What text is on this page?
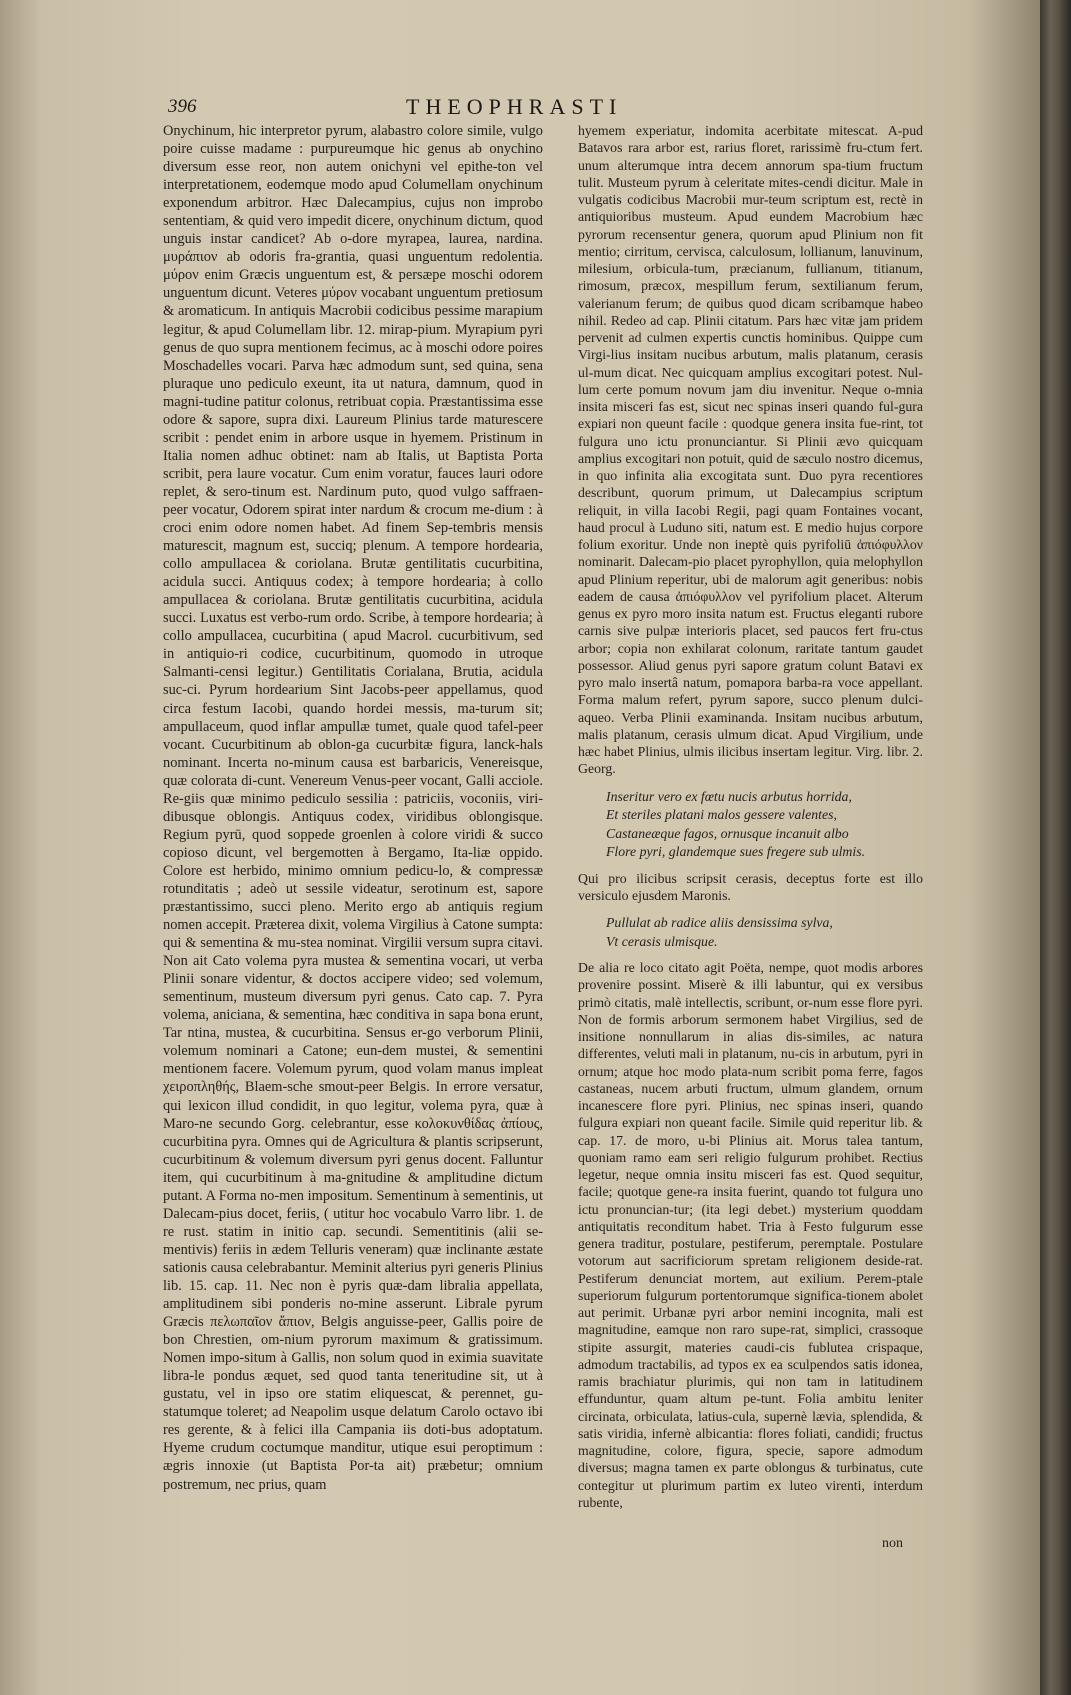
396	THEOPHRASTI

Onychinum, hic interpretor pyrum, alabastro colore simile, vulgo poire cuisse madame : purpureumque hic genus ab onychino diversum esse reor, non autem onichyni vel epithe-ton vel interpretationem, eodemque modo apud Columellam onychinum exponendum arbitror. Hæc Dalecampius, cujus non improbo sententiam, & quid vero impedit dicere, onychinum dictum, quod unguis instar candicet? Ab o-dore myrapea, laurea, nardina. μυράπιον ab odoris fra-grantia, quasi unguentum redolentia. μύρον enim Græcis unguentum est, & persæpe moschi odorem unguentum dicunt. Veteres μύρον vocabant unguentum pretiosum & aromaticum. In antiquis Macrobii codicibus pessime marapium legitur, & apud Columellam libr. 12. mirap-pium. Myrapium pyri genus de quo supra mentionem fecimus, ac à moschi odore poires Moschadelles vocari. Parva hæc admodum sunt, sed quina, sena pluraque uno pediculo exeunt, ita ut natura, damnum, quod in magni-tudine patitur colonus, retribuat copia. Præstantissima esse odore & sapore, supra dixi. Laureum Plinius tarde maturescere scribit : pendet enim in arbore usque in hyemem. Pristinum in Italia nomen adhuc obtinet: nam ab Italis, ut Baptista Porta scribit, pera laure vocatur. Cum enim voratur, fauces lauri odore replet, & sero-tinum est. Nardinum puto, quod vulgo saffraen-peer vocatur, Odorem spirat inter nardum & crocum me-dium : à croci enim odore nomen habet. Ad finem Sep-tembris mensis maturescit, magnum est, succiq; plenum. A tempore hordearia, collo ampullacea & coriolana. Brutæ gentilitatis cucurbitina, acidula succi. Antiquus codex; à tempore hordearia; à collo ampullacea & coriolana. Brutæ gentilitatis cucurbitina, acidula succi. Luxatus est verbo-rum ordo. Scribe, à tempore hordearia; à collo ampullacea, cucurbitina ( apud Macrol. cucurbitivum, sed in antiquio-ri codice, cucurbitinum, quomodo in utroque Salmanti-censi legitur.) Gentilitatis Corialana, Brutia, acidula suc-ci. Pyrum hordearium Sint Jacobs-peer appellamus, quod circa festum Iacobi, quando hordei messis, ma-turum sit; ampullaceum, quod inflar ampullæ tumet, quale quod tafel-peer vocant. Cucurbitinum ab oblon-ga cucurbitæ figura, lanck-hals nominant. Incerta no-minum causa est barbaricis, Venereisque, quæ colorata di-cunt. Venereum Venus-peer vocant, Galli acciole. Re-giis quæ minimo pediculo sessilia : patriciis, voconiis, viri-dibusque oblongis. Antiquus codex, viridibus oblongisque. Regium pyrū, quod soppede groenlen à colore viridi & succo copioso dicunt, vel bergemotten à Bergamo, Ita-liæ oppido. Colore est herbido, minimo omnium pedicu-lo, & compressæ rotunditatis ; adeò ut sessile videatur, serotinum est, sapore præstantissimo, succi pleno. Merito ergo ab antiquis regium nomen accepit. Præterea dixit, volema Virgilius à Catone sumpta: qui & sementina & mu-stea nominat. Virgilii versum supra citavi. Non ait Cato volema pyra mustea & sementina vocari, ut verba Plinii sonare videntur, & doctos accipere video; sed volemum, sementinum, musteum diversum pyri genus. Cato cap. 7. Pyra volema, aniciana, & sementina, hæc conditiva in sapa bona erunt, Tar ntina, mustea, & cucurbitina. Sensus er-go verborum Plinii, volemum nominari a Catone; eun-dem mustei, & sementini mentionem facere. Volemum pyrum, quod volam manus impleat χειροπληθής, Blaem-sche smout-peer Belgis. In errore versatur, qui lexicon illud condidit, in quo legitur, volema pyra, quæ à Maro-ne secundo Gorg. celebrantur, esse κολοκυνθίδας ἀπίους, cucurbitina pyra. Omnes qui de Agricultura & plantis scripserunt, cucurbitinum & volemum diversum pyri genus docent. Falluntur item, qui cucurbitinum à ma-gnitudine & amplitudine dictum putant. A Forma no-men impositum. Sementinum à sementinis, ut Dalecam-pius docet, feriis, ( utitur hoc vocabulo Varro libr. 1. de re rust. statim in initio cap. secundi. Sementitinis (alii se-mentivis) feriis in ædem Telluris veneram) quæ inclinante æstate sationis causa celebrabantur. Meminit alterius pyri generis Plinius lib. 15. cap. 11. Nec non è pyris quæ-dam libralia appellata, amplitudinem sibi ponderis no-mine asserunt. Librale pyrum Græcis πελωπαῖον ἄπιον, Belgis anguisse-peer, Gallis poire de bon Chrestien, om-nium pyrorum maximum & gratissimum. Nomen impo-situm à Gallis, non solum quod in eximia suavitate libra-le pondus æquet, sed quod tanta teneritudine sit, ut à gustatu, vel in ipso ore statim eliquescat, & perennet, gu-statumque toleret; ad Neapolim usque delatum Carolo octavo ibi res gerente, & à felici illa Campania iis doti-bus adoptatum. Hyeme crudum coctumque manditur, utique esui peroptimum : ægris innoxie (ut Baptista Por-ta ait) præbetur; omnium postremum, nec prius, quam

hyemem experiatur, indomita acerbitate mitescat. A-pud Batavos rara arbor est, rarius floret, rarissimè fru-ctum fert. unum alterumque intra decem annorum spa-tium fructum tulit. Musteum pyrum à celeritate mites-cendi dicitur. Male in vulgatis codicibus Macrobii mur-teum scriptum est, rectè in antiquioribus musteum. Apud eundem Macrobium hæc pyrorum recensentur genera, quorum apud Plinium non fit mentio; cirritum, cervisca, calculosum, lollianum, lanuvinum, milesium, orbicula-tum, præcianum, fullianum, titianum, rimosum, præcox, mespillum ferum, sextilianum ferum, valerianum ferum; de quibus quod dicam scribamque habeo nihil. Redeo ad cap. Plinii citatum. Pars hæc vitæ jam pridem pervenit ad culmen expertis cunctis hominibus. Quippe cum Virgi-lius insitam nucibus arbutum, malis platanum, cerasis ul-mum dicat. Nec quicquam amplius excogitari potest. Nul-lum certe pomum novum jam diu invenitur. Neque o-mnia insita misceri fas est, sicut nec spinas inseri quando ful-gura expiari non queunt facile : quodque genera insita fue-rint, tot fulgura uno ictu pronunciantur. Si Plinii ævo quicquam amplius excogitari non potuit, quid de sæculo nostro dicemus, in quo infinita alia excogitata sunt. Duo pyra recentiores describunt, quorum primum, ut Dalecampius scriptum reliquit, in villa Iacobi Regii, pagi quam Fontaines vocant, haud procul à Luduno siti, natum est. E medio hujus corpore folium exoritur. Unde non ineptè quis pyrifoliū ἀπιόφυλλον nominarit. Dalecam-pio placet pyrophyllon, quia melophyllon apud Plinium reperitur, ubi de malorum agit generibus: nobis eadem de causa ἀπιόφυλλον vel pyrifolium placet. Alterum genus ex pyro moro insita natum est. Fructus eleganti rubore carnis sive pulpæ interioris placet, sed paucos fert fru-ctus arbor; copia non exhilarat colonum, raritate tantum gaudet possessor. Aliud genus pyri sapore gratum colunt Batavi ex pyro malo insertâ natum, pomapora barba-ra voce appellant. Forma malum refert, pyrum sapore, succo plenum dulci-aqueo. Verba Plinii examinanda. Insitam nucibus arbutum, malis platanum, cerasis ulmum dicat. Apud Virgilium, unde hæc habet Plinius, ulmis ilicibus insertam legitur. Virg. libr. 2. Georg.

Inseritur vero ex fœtu nucis arbutus horrida,
Et steriles platani malos gessere valentes,
Castaneæque fagos, ornusque incanuit albo
Flore pyri, glandemque sues fregere sub ulmis.

Qui pro ilicibus scripsit cerasis, deceptus forte est illo versiculo ejusdem Maronis.

Pullulat ab radice aliis densissima sylva,
Vt cerasis ulmisque.

De alia re loco citato agit Poëta, nempe, quot modis arbores provenire possint. Miserè & illi labuntur, qui ex versibus primò citatis, malè intellectis, scribunt, or-num esse flore pyri. Non de formis arborum sermonem habet Virgilius, sed de insitione nonnullarum in alias dis-similes, ac natura differentes, veluti mali in platanum, nu-cis in arbutum, pyri in ornum; atque hoc modo plata-num scribit poma ferre, fagos castaneas, nucem arbuti fructum, ulmum glandem, ornum incanescere flore pyri. Plinius, nec spinas inseri, quando fulgura expiari non queant facile. Simile quid reperitur lib. & cap. 17. de moro, u-bi Plinius ait. Morus talea tantum, quoniam ramo eam seri religio fulgurum prohibet. Rectius legetur, neque omnia insitu misceri fas est. Quod sequitur, facile; quotque gene-ra insita fuerint, quando tot fulgura uno ictu pronuncian-tur; (ita legi debet.) mysterium quoddam antiquitatis reconditum habet. Tria à Festo fulgurum esse genera traditur, postulare, pestiferum, peremptale. Postulare votorum aut sacrificiorum spretam religionem deside-rat. Pestiferum denunciat mortem, aut exilium. Perem-ptale superiorum fulgurum portentorumque significa-tionem abolet aut perimit. Urbanæ pyri arbor nemini incognita, mali est magnitudine, eamque non raro supe-rat, simplici, crassoque stipite assurgit, materies caudi-cis fublutea crispaque, admodum tractabilis, ad typos ex ea sculpendos satis idonea, ramis brachiatur plurimis, qui non tam in latitudinem effunduntur, quam altum pe-tunt. Folia ambitu leniter circinata, orbiculata, latius-cula, supernè lævia, splendida, & satis viridia, infernè albicantia: flores foliati, candidi; fructus magnitudine, colore, figura, specie, sapore admodum diversus; magna tamen ex parte oblongus & turbinatus, cute contegitur ut plurimum partim ex luteo virenti, interdum rubente,

non
